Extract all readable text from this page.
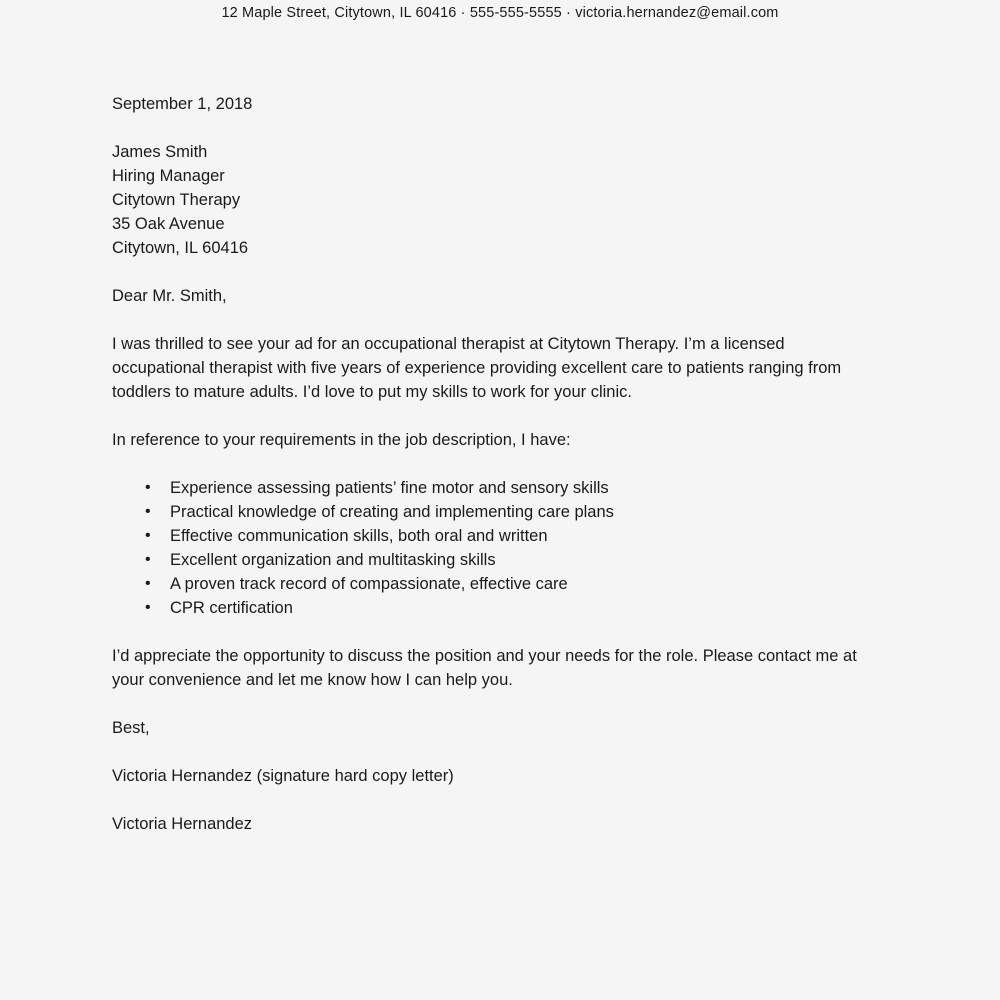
12 Maple Street, Citytown, IL 60416 · 555-555-5555 · victoria.hernandez@email.com
September 1, 2018
James Smith
Hiring Manager
Citytown Therapy
35 Oak Avenue
Citytown, IL 60416
Dear Mr. Smith,

I was thrilled to see your ad for an occupational therapist at Citytown Therapy. I’m a licensed occupational therapist with five years of experience providing excellent care to patients ranging from toddlers to mature adults. I’d love to put my skills to work for your clinic.

In reference to your requirements in the job description, I have:

• Experience assessing patients’ fine motor and sensory skills
• Practical knowledge of creating and implementing care plans
• Effective communication skills, both oral and written
• Excellent organization and multitasking skills
• A proven track record of compassionate, effective care
• CPR certification

I’d appreciate the opportunity to discuss the position and your needs for the role. Please contact me at your convenience and let me know how I can help you.

Best,
Victoria Hernandez (signature hard copy letter)
Victoria Hernandez
